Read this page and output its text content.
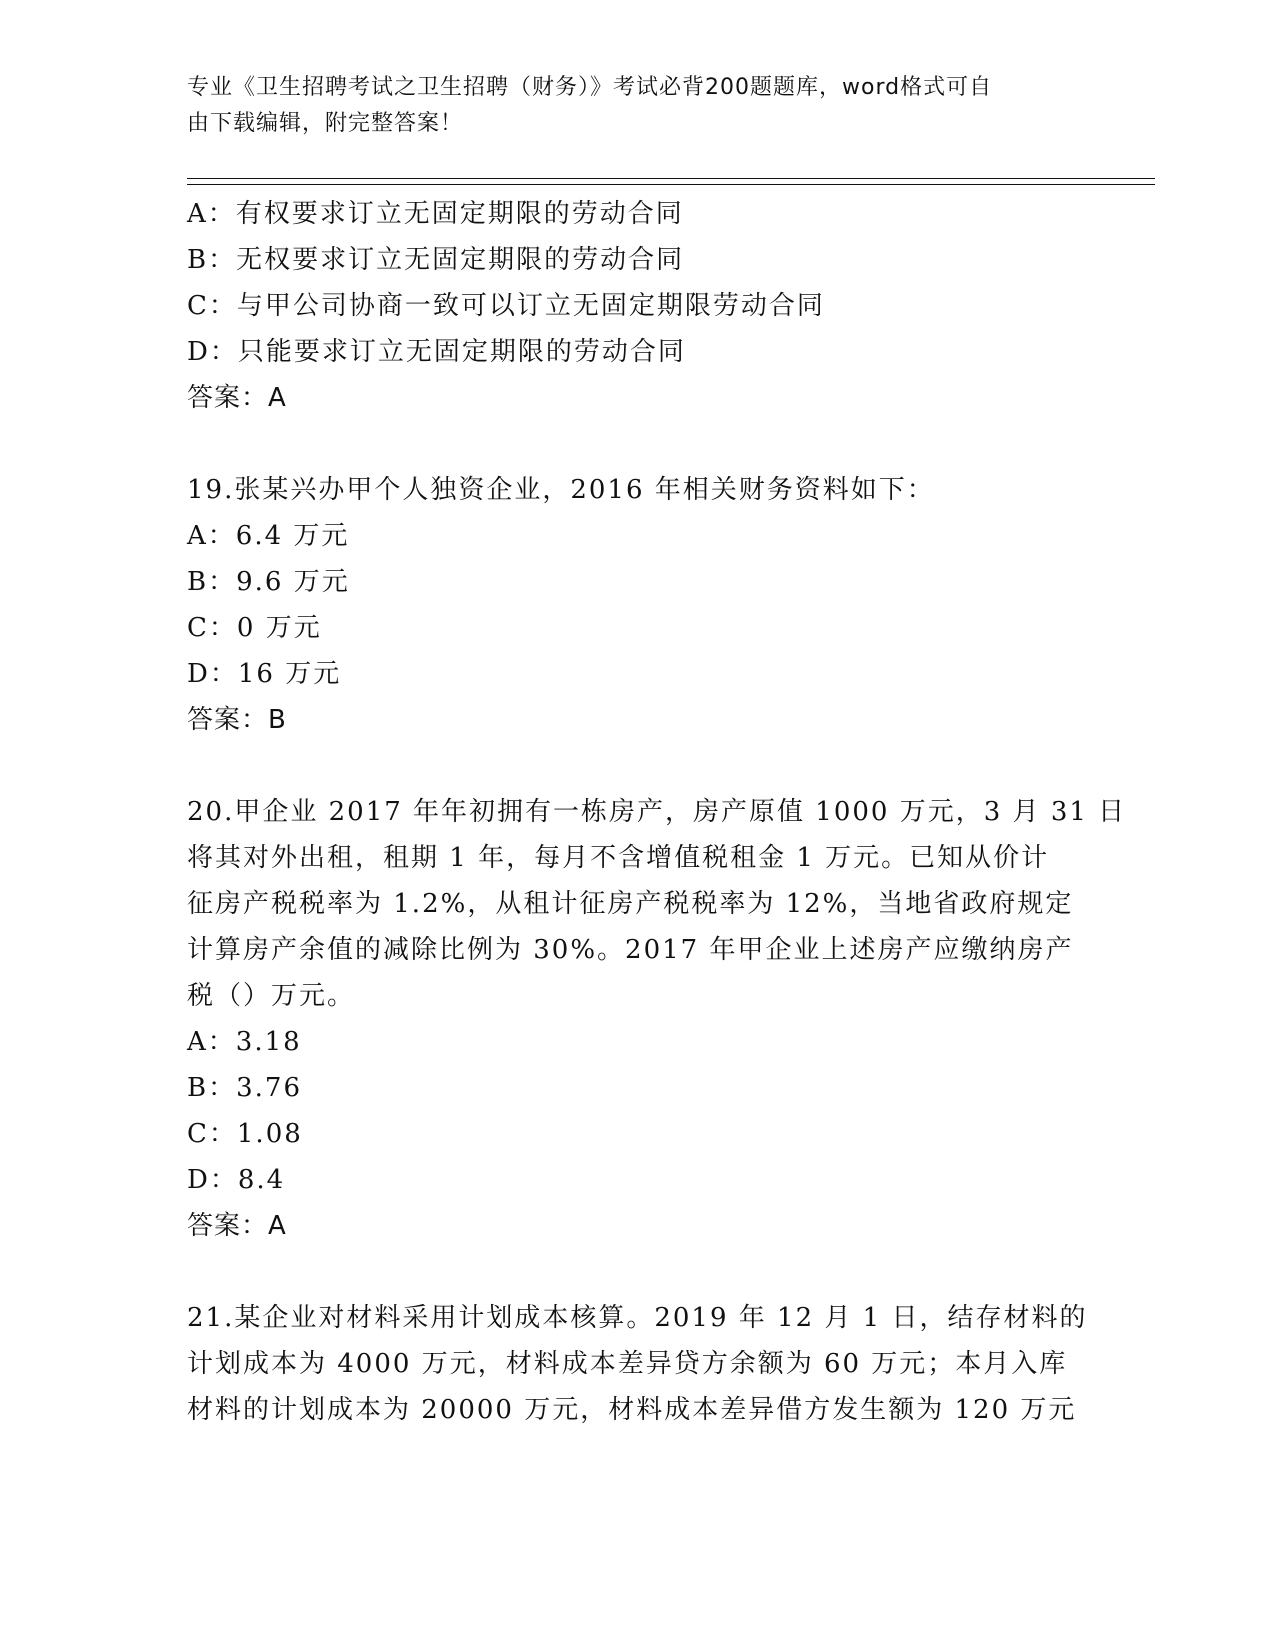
专业《卫生招聘考试之卫生招聘（财务）》考试必背200题题库，word格式可自
由下载编辑，附完整答案！
A：有权要求订立无固定期限的劳动合同
B：无权要求订立无固定期限的劳动合同
C：与甲公司协商一致可以订立无固定期限劳动合同
D：只能要求订立无固定期限的劳动合同
答案：A
19.张某兴办甲个人独资企业，2016 年相关财务资料如下：
A：6.4 万元
B：9.6 万元
C：0 万元
D：16 万元
答案：B
20.甲企业 2017 年年初拥有一栋房产，房产原值 1000 万元，3 月 31 日
将其对外出租，租期 1 年，每月不含增值税租金 1 万元。已知从价计
征房产税税率为 1.2%，从租计征房产税税率为 12%，当地省政府规定
计算房产余值的减除比例为 30%。2017 年甲企业上述房产应缴纳房产
税（）万元。
A：3.18
B：3.76
C：1.08
D：8.4
答案：A
21.某企业对材料采用计划成本核算。2019 年 12 月 1 日，结存材料的
计划成本为 4000 万元，材料成本差异贷方余额为 60 万元；本月入库
材料的计划成本为 20000 万元，材料成本差异借方发生额为 120 万元
